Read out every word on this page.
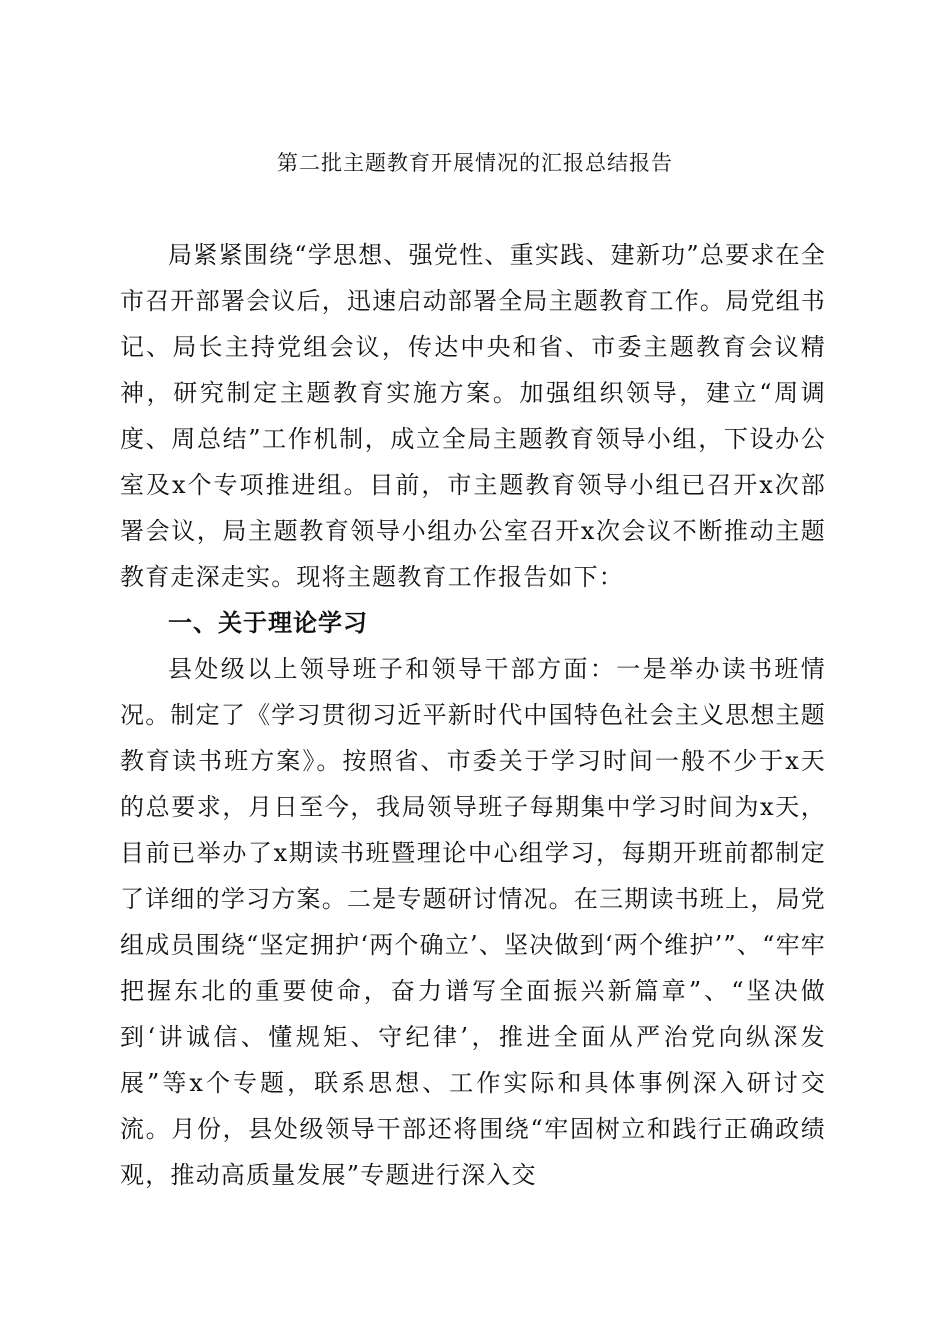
第二批主题教育开展情况的汇报总结报告

局紧紧围绕“学思想、强党性、重实践、建新功”总要求在全市召开部署会议后，迅速启动部署全局主题教育工作。局党组书记、局长主持党组会议，传达中央和省、市委主题教育会议精神，研究制定主题教育实施方案。加强组织领导，建立“周调度、周总结”工作机制，成立全局主题教育领导小组，下设办公室及x个专项推进组。目前，市主题教育领导小组已召开x次部署会议，局主题教育领导小组办公室召开x次会议不断推动主题教育走深走实。现将主题教育工作报告如下：

一、关于理论学习

县处级以上领导班子和领导干部方面：一是举办读书班情况。制定了《学习贯彻习近平新时代中国特色社会主义思想主题教育读书班方案》。按照省、市委关于学习时间一般不少于x天的总要求，月日至今，我局领导班子每期集中学习时间为x天，目前已举办了x期读书班暨理论中心组学习，每期开班前都制定了详细的学习方案。二是专题研讨情况。在三期读书班上，局党组成员围绕“坚定拥护‘两个确立’、坚决做到‘两个维护’”、“牢牢把握东北的重要使命，奋力谱写全面振兴新篇章”、“坚决做到‘讲诚信、懂规矩、守纪律’，推进全面从严治党向纵深发展”等x个专题，联系思想、工作实际和具体事例深入研讨交流。月份，县处级领导干部还将围绕“牢固树立和践行正确政绩观，推动高质量发展”专题进行深入交
